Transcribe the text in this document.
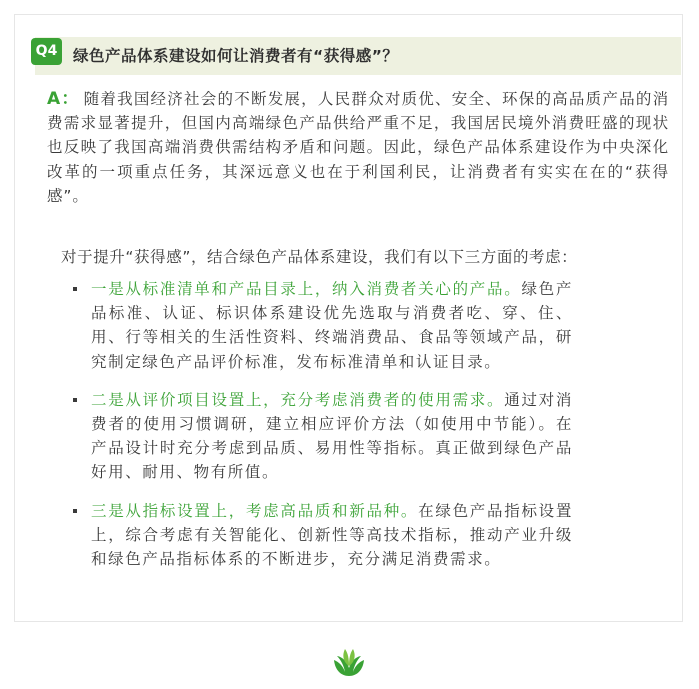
Q4	绿色产品体系建设如何让消费者有“获得感”？
A： 随着我国经济社会的不断发展，人民群众对质优、安全、环保的高品质产品的消费需求显著提升，但国内高端绿色产品供给严重不足，我国居民境外消费旺盛的现状也反映了我国高端消费供需结构矛盾和问题。因此，绿色产品体系建设作为中央深化改革的一项重点任务，其深远意义也在于利国利民，让消费者有实实在在的“获得感”。
对于提升“获得感”，结合绿色产品体系建设，我们有以下三方面的考虑：
一是从标准清单和产品目录上，纳入消费者关心的产品。绿色产品标准、认证、标识体系建设优先选取与消费者吃、穿、住、用、行等相关的生活性资料、终端消费品、食品等领域产品，研究制定绿色产品评价标准，发布标准清单和认证目录。
二是从评价项目设置上，充分考虑消费者的使用需求。通过对消费者的使用习惯调研，建立相应评价方法（如使用中节能）。在产品设计时充分考虑到品质、易用性等指标。真正做到绿色产品好用、耐用、物有所值。
三是从指标设置上，考虑高品质和新品种。在绿色产品指标设置上，综合考虑有关智能化、创新性等高技术指标，推动产业升级和绿色产品指标体系的不断进步，充分满足消费需求。
